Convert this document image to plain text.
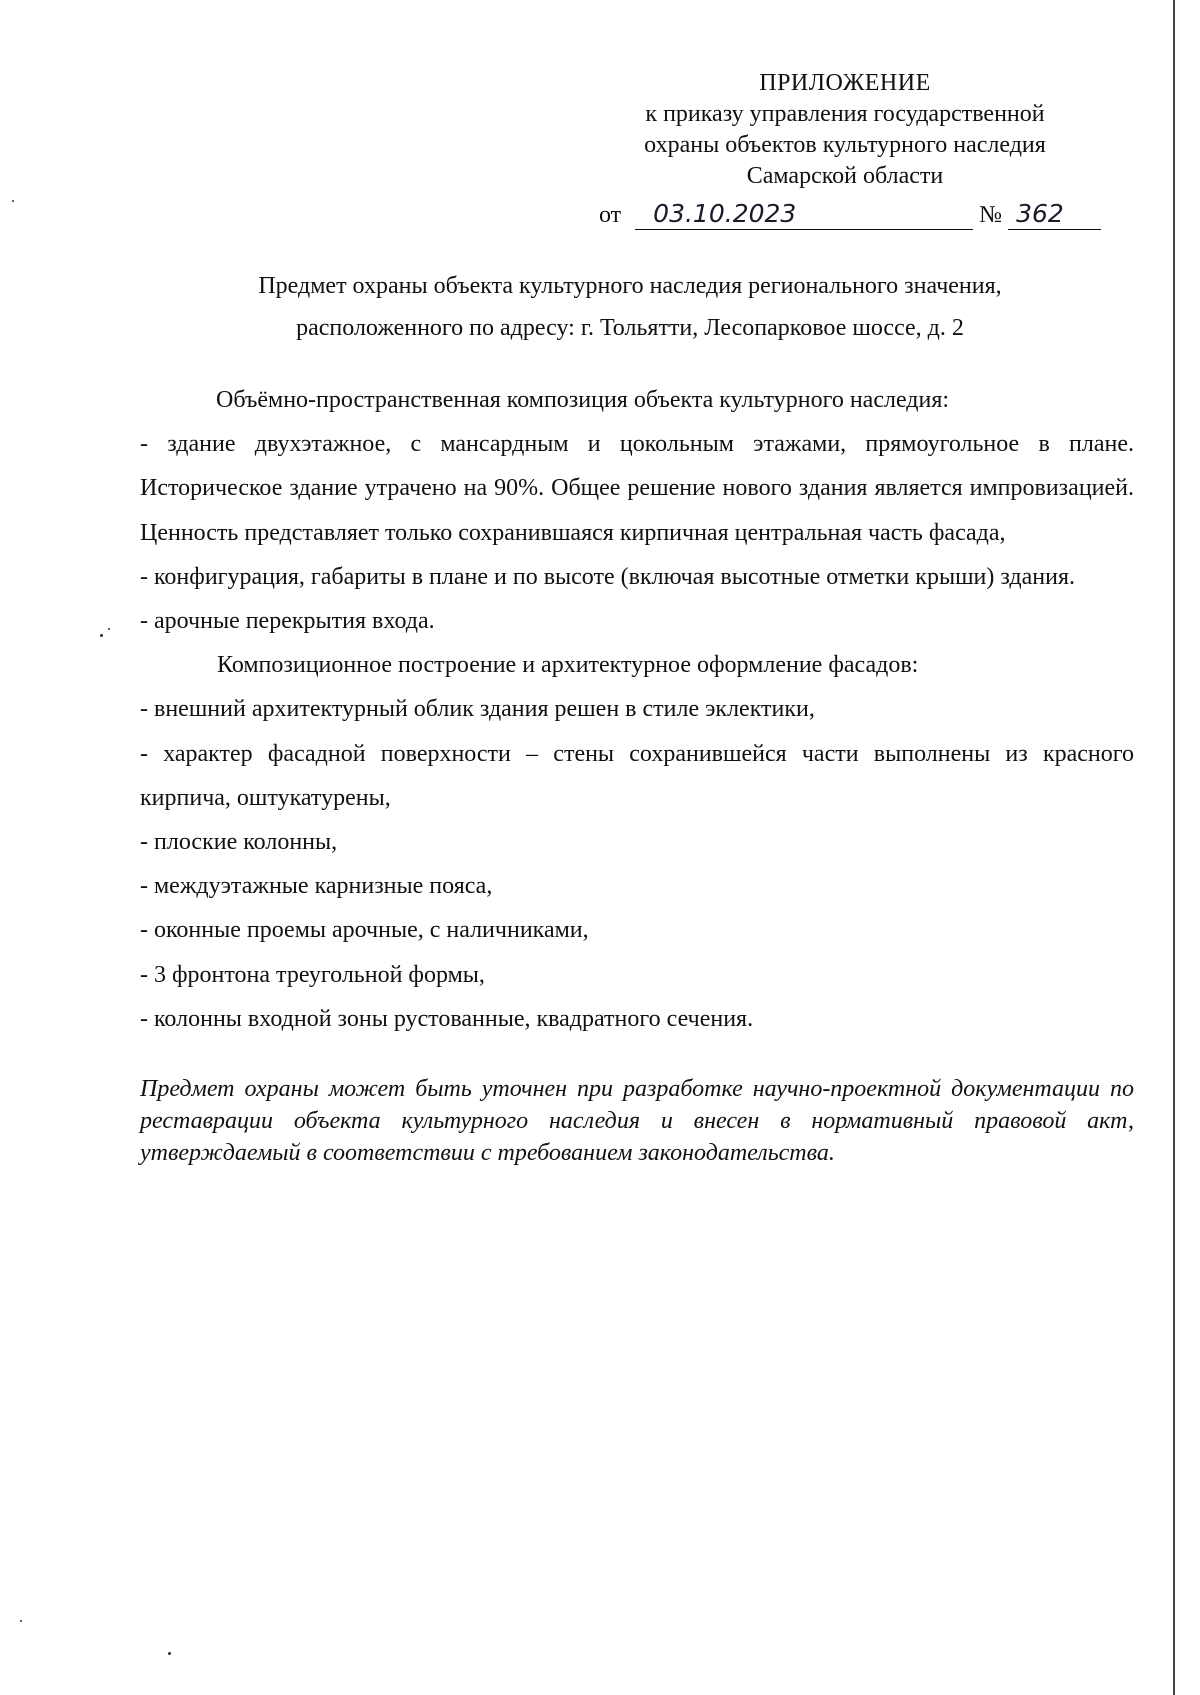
ПРИЛОЖЕНИЕ
к приказу управления государственной
охраны объектов культурного наследия
Самарской области
от 03.10.2023	№ 362
Предмет охраны объекта культурного наследия регионального значения,
расположенного по адресу: г. Тольятти, Лесопарковое шоссе, д. 2

Объёмно-пространственная композиция объекта культурного наследия:

- здание двухэтажное, с мансардным и цокольным этажами, прямоугольное в плане. Историческое здание утрачено на 90%. Общее решение нового здания является импровизацией. Ценность представляет только сохранившаяся кирпичная центральная часть фасада,

- конфигурация, габариты в плане и по высоте (включая высотные отметки крыши) здания.

- арочные перекрытия входа.

Композиционное построение и архитектурное оформление фасадов:

- внешний архитектурный облик здания решен в стиле эклектики,

- характер фасадной поверхности – стены сохранившейся части выполнены из красного кирпича, оштукатурены,

- плоские колонны,

- междуэтажные карнизные пояса,

- оконные проемы арочные, с наличниками,

- 3 фронтона треугольной формы,

- колонны входной зоны рустованные, квадратного сечения.

Предмет охраны может быть уточнен при разработке научно-проектной документации по реставрации объекта культурного наследия и внесен в нормативный правовой акт, утверждаемый в соответствии с требованием законодательства.
